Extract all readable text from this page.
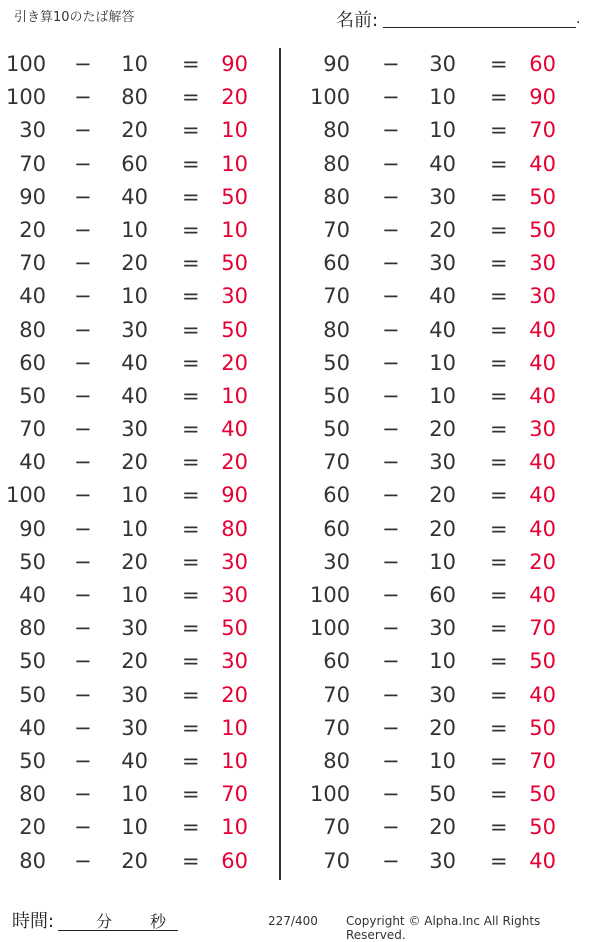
引き算10のたば解答	名前:	.
100 − 10 = 90
100 − 80 = 20
30 − 20 = 10
70 − 60 = 10
90 − 40 = 50
20 − 10 = 10
70 − 20 = 50
40 − 10 = 30
80 − 30 = 50
60 − 40 = 20
50 − 40 = 10
70 − 30 = 40
40 − 20 = 20
100 − 10 = 90
90 − 10 = 80
50 − 20 = 30
40 − 10 = 30
80 − 30 = 50
50 − 20 = 30
50 − 30 = 20
40 − 30 = 10
50 − 40 = 10
80 − 10 = 70
20 − 10 = 10
80 − 20 = 60
90 − 30 = 60
100 − 10 = 90
80 − 10 = 70
80 − 40 = 40
80 − 30 = 50
70 − 20 = 50
60 − 30 = 30
70 − 40 = 30
80 − 40 = 40
50 − 10 = 40
50 − 10 = 40
50 − 20 = 30
70 − 30 = 40
60 − 20 = 40
60 − 20 = 40
30 − 10 = 20
100 − 60 = 40
100 − 30 = 70
60 − 10 = 50
70 − 30 = 40
70 − 20 = 50
80 − 10 = 70
100 − 50 = 50
70 − 20 = 50
70 − 30 = 40
時間:	分 秒	227/400 Copyright © Alpha.Inc All Rights Reserved.
